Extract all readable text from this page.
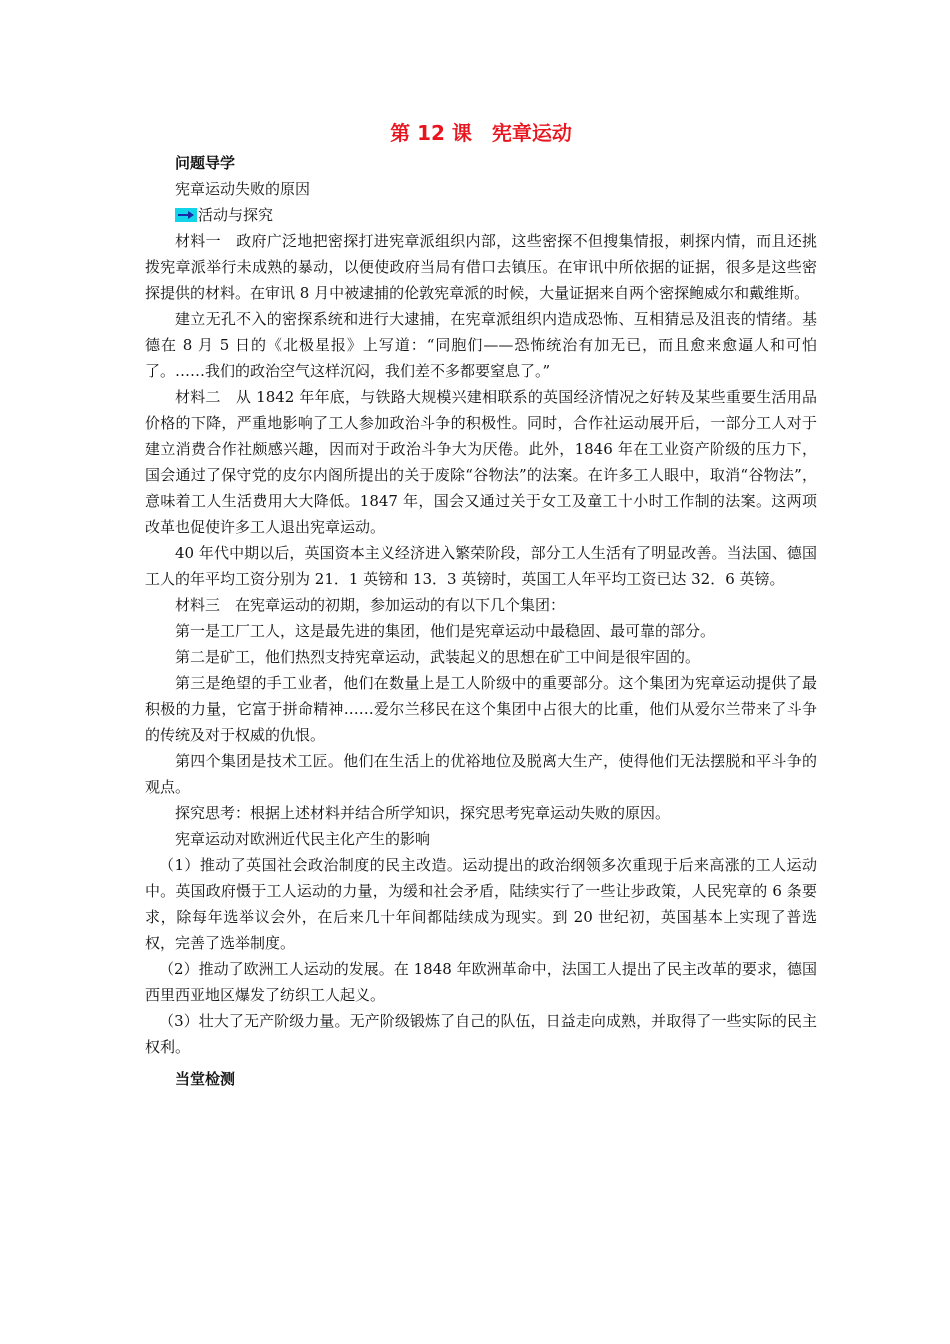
第 12 课　宪章运动
问题导学

宪章运动失败的原因

活动与探究

材料一　政府广泛地把密探打进宪章派组织内部，这些密探不但搜集情报，刺探内情，而且还挑拨宪章派举行未成熟的暴动，以便使政府当局有借口去镇压。在审讯中所依据的证据，很多是这些密探提供的材料。在审讯 8 月中被逮捕的伦敦宪章派的时候，大量证据来自两个密探鲍威尔和戴维斯。

建立无孔不入的密探系统和进行大逮捕，在宪章派组织内造成恐怖、互相猜忌及沮丧的情绪。基德在 8 月 5 日的《北极星报》上写道：“同胞们——恐怖统治有加无已，而且愈来愈逼人和可怕了。……我们的政治空气这样沉闷，我们差不多都要窒息了。”

材料二　从 1842 年年底，与铁路大规模兴建相联系的英国经济情况之好转及某些重要生活用品价格的下降，严重地影响了工人参加政治斗争的积极性。同时，合作社运动展开后，一部分工人对于建立消费合作社颇感兴趣，因而对于政治斗争大为厌倦。此外，1846 年在工业资产阶级的压力下，国会通过了保守党的皮尔内阁所提出的关于废除“谷物法”的法案。在许多工人眼中，取消“谷物法”，意味着工人生活费用大大降低。1847 年，国会又通过关于女工及童工十小时工作制的法案。这两项改革也促使许多工人退出宪章运动。

40 年代中期以后，英国资本主义经济进入繁荣阶段，部分工人生活有了明显改善。当法国、德国工人的年平均工资分别为 21．1 英镑和 13．3 英镑时，英国工人年平均工资已达 32．6 英镑。

材料三　在宪章运动的初期，参加运动的有以下几个集团：

第一是工厂工人，这是最先进的集团，他们是宪章运动中最稳固、最可靠的部分。

第二是矿工，他们热烈支持宪章运动，武装起义的思想在矿工中间是很牢固的。

第三是绝望的手工业者，他们在数量上是工人阶级中的重要部分。这个集团为宪章运动提供了最积极的力量，它富于拼命精神……爱尔兰移民在这个集团中占很大的比重，他们从爱尔兰带来了斗争的传统及对于权威的仇恨。

第四个集团是技术工匠。他们在生活上的优裕地位及脱离大生产，使得他们无法摆脱和平斗争的观点。

探究思考：根据上述材料并结合所学知识，探究思考宪章运动失败的原因。

宪章运动对欧洲近代民主化产生的影响

（1）推动了英国社会政治制度的民主改造。运动提出的政治纲领多次重现于后来高涨的工人运动中。英国政府慑于工人运动的力量，为缓和社会矛盾，陆续实行了一些让步政策，人民宪章的 6 条要求，除每年选举议会外，在后来几十年间都陆续成为现实。到 20 世纪初，英国基本上实现了普选权，完善了选举制度。

（2）推动了欧洲工人运动的发展。在 1848 年欧洲革命中，法国工人提出了民主改革的要求，德国西里西亚地区爆发了纺织工人起义。

（3）壮大了无产阶级力量。无产阶级锻炼了自己的队伍，日益走向成熟，并取得了一些实际的民主权利。

当堂检测
